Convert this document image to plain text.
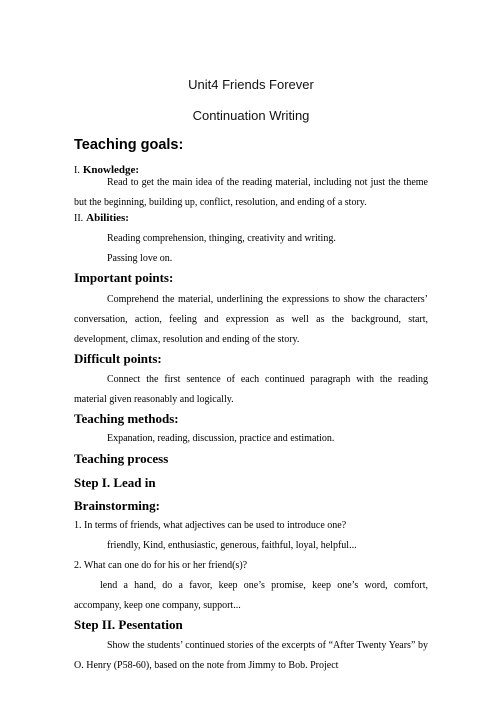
Unit4 Friends Forever
Continuation Writing
Teaching goals:
I. Knowledge:
Read to get the main idea of the reading material, including not just the theme but the beginning, building up, conflict, resolution, and ending of a story.
II. Abilities:
Reading comprehension, thinging, creativity and writing.
Passing love on.
Important points:
Comprehend the material, underlining the expressions to show the characters’ conversation, action, feeling and expression as well as the background, start, development, climax, resolution and ending of the story.
Difficult points:
Connect the first sentence of each continued paragraph with the reading material given reasonably and logically.
Teaching methods:
Expanation, reading, discussion, practice and estimation.
Teaching process
Step I. Lead in
Brainstorming:
1. In terms of friends, what adjectives can be used to introduce one?
friendly, Kind, enthusiastic, generous, faithful, loyal, helpful...
2. What can one do for his or her friend(s)?
lend a hand, do a favor, keep one’s promise, keep one’s word, comfort, accompany, keep one company, support...
Step II. Pesentation
Show the students’ continued stories of the excerpts of “After Twenty Years” by O. Henry (P58-60), based on the note from Jimmy to Bob. Project
